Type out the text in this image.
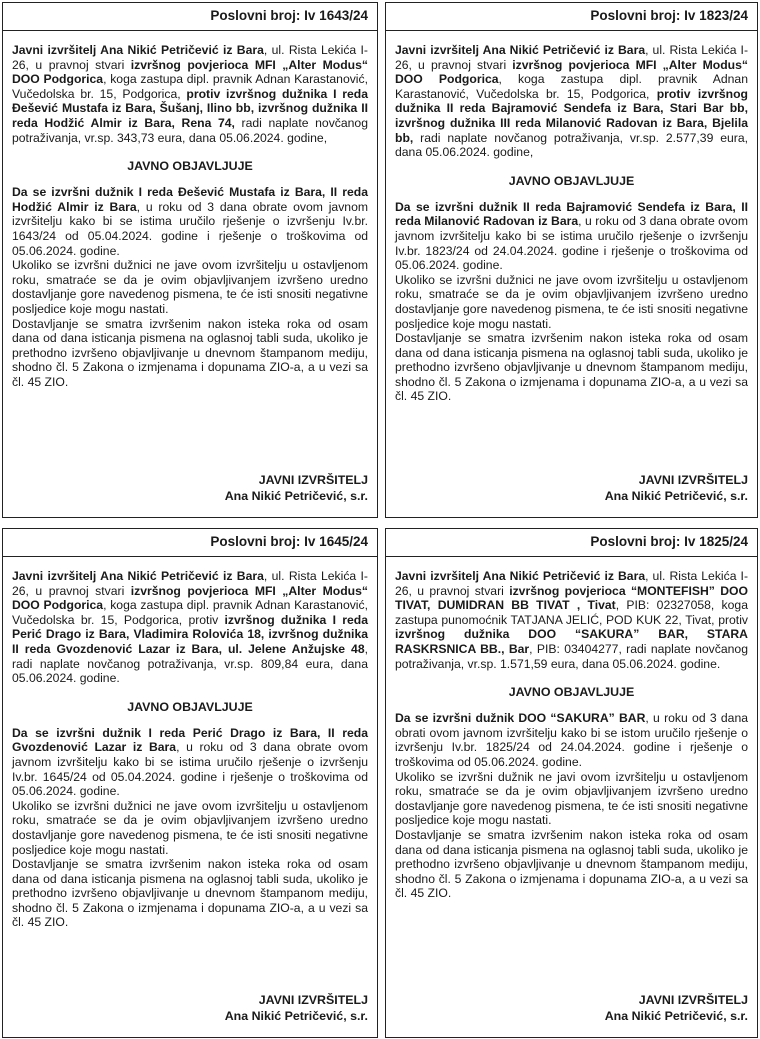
Poslovni broj: Iv 1643/24

Javni izvršitelj Ana Nikić Petričević iz Bara, ul. Rista Lekića I-26, u pravnoj stvari izvršnog povjerioca MFI „Alter Modus“ DOO Podgorica, koga zastupa dipl. pravnik Adnan Karastanović, Vučedolska br. 15, Podgorica, protiv izvršnog dužnika I reda Đešević Mustafa iz Bara, Šušanj, Ilino bb, izvršnog dužnika II reda Hodžić Almir iz Bara, Rena 74, radi naplate novčanog potraživanja, vr.sp. 343,73 eura, dana 05.06.2024. godine,

JAVNO OBJAVLJUJE

Da se izvršni dužnik I reda Đešević Mustafa iz Bara, II reda Hodžić Almir iz Bara, u roku od 3 dana obrate ovom javnom izvršitelju kako bi se istima uručilo rješenje o izvršenju Iv.br. 1643/24 od 05.04.2024. godine i rješenje o troškovima od 05.06.2024. godine.

Ukoliko se izvršni dužnici ne jave ovom izvršitelju u ostavljenom roku, smatraće se da je ovim objavljivanjem izvršeno uredno dostavljanje gore navedenog pismena, te će isti snositi negativne posljedice koje mogu nastati.

Dostavljanje se smatra izvršenim nakon isteka roka od osam dana od dana isticanja pismena na oglasnoj tabli suda, ukoliko je prethodno izvršeno objavljivanje u dnevnom štampanom mediju, shodno čl. 5 Zakona o izmjenama i dopunama ZIO-a, a u vezi sa čl. 45 ZIO.

JAVNI IZVRŠITELJ
Ana Nikić Petričević, s.r.
Poslovni broj: Iv 1823/24

Javni izvršitelj Ana Nikić Petričević iz Bara, ul. Rista Lekića I-26, u pravnoj stvari izvršnog povjerioca MFI „Alter Modus“ DOO Podgorica, koga zastupa dipl. pravnik Adnan Karastanović, Vučedolska br. 15, Podgorica, protiv izvršnog dužnika II reda Bajramović Sendefa iz Bara, Stari Bar bb, izvršnog dužnika III reda Milanović Radovan iz Bara, Bjelila bb, radi naplate novčanog potraživanja, vr.sp. 2.577,39 eura, dana 05.06.2024. godine,

JAVNO OBJAVLJUJE

Da se izvršni dužnik II reda Bajramović Sendefa iz Bara, II reda Milanović Radovan iz Bara, u roku od 3 dana obrate ovom javnom izvršitelju kako bi se istima uručilo rješenje o izvršenju Iv.br. 1823/24 od 24.04.2024. godine i rješenje o troškovima od 05.06.2024. godine.

Ukoliko se izvršni dužnici ne jave ovom izvršitelju u ostavljenom roku, smatraće se da je ovim objavljivanjem izvršeno uredno dostavljanje gore navedenog pismena, te će isti snositi negativne posljedice koje mogu nastati.

Dostavljanje se smatra izvršenim nakon isteka roka od osam dana od dana isticanja pismena na oglasnoj tabli suda, ukoliko je prethodno izvršeno objavljivanje u dnevnom štampanom mediju, shodno čl. 5 Zakona o izmjenama i dopunama ZIO-a, a u vezi sa čl. 45 ZIO.

JAVNI IZVRŠITELJ
Ana Nikić Petričević, s.r.
Poslovni broj: Iv 1645/24

Javni izvršitelj Ana Nikić Petričević iz Bara, ul. Rista Lekića I-26, u pravnoj stvari izvršnog povjerioca MFI „Alter Modus“ DOO Podgorica, koga zastupa dipl. pravnik Adnan Karastanović, Vučedolska br. 15, Podgorica, protiv izvršnog dužnika I reda Perić Drago iz Bara, Vladimira Rolovića 18, izvršnog dužnika II reda Gvozdenović Lazar iz Bara, ul. Jelene Anžujske 48, radi naplate novčanog potraživanja, vr.sp. 809,84 eura, dana 05.06.2024. godine.

JAVNO OBJAVLJUJE

Da se izvršni dužnik I reda Perić Drago iz Bara, II reda Gvozdenović Lazar iz Bara, u roku od 3 dana obrate ovom javnom izvršitelju kako bi se istima uručilo rješenje o izvršenju Iv.br. 1645/24 od 05.04.2024. godine i rješenje o troškovima od 05.06.2024. godine.

Ukoliko se izvršni dužnici ne jave ovom izvršitelju u ostavljenom roku, smatraće se da je ovim objavljivanjem izvršeno uredno dostavljanje gore navedenog pismena, te će isti snositi negativne posljedice koje mogu nastati.

Dostavljanje se smatra izvršenim nakon isteka roka od osam dana od dana isticanja pismena na oglasnoj tabli suda, ukoliko je prethodno izvršeno objavljivanje u dnevnom štampanom mediju, shodno čl. 5 Zakona o izmjenama i dopunama ZIO-a, a u vezi sa čl. 45 ZIO.

JAVNI IZVRŠITELJ
Ana Nikić Petričević, s.r.
Poslovni broj: Iv 1825/24

Javni izvršitelj Ana Nikić Petričević iz Bara, ul. Rista Lekića I-26, u pravnoj stvari izvršnog povjerioca “MONTEFISH” DOO TIVAT, DUMIDRAN BB TIVAT , Tivat, PIB: 02327058, koga zastupa punomoćnik TATJANA JELIĆ, POD KUK 22, Tivat, protiv izvršnog dužnika DOO “SAKURA” BAR, STARA RASKRSNICA BB., Bar, PIB: 03404277, radi naplate novčanog potraživanja, vr.sp. 1.571,59 eura, dana 05.06.2024. godine.

JAVNO OBJAVLJUJE

Da se izvršni dužnik DOO “SAKURA” BAR, u roku od 3 dana obrati ovom javnom izvršitelju kako bi se istom uručilo rješenje o izvršenju Iv.br. 1825/24 od 24.04.2024. godine i rješenje o troškovima od 05.06.2024. godine.

Ukoliko se izvršni dužnik ne javi ovom izvršitelju u ostavljenom roku, smatraće se da je ovim objavljivanjem izvršeno uredno dostavljanje gore navedenog pismena, te će isti snositi negativne posljedice koje mogu nastati.

Dostavljanje se smatra izvršenim nakon isteka roka od osam dana od dana isticanja pismena na oglasnoj tabli suda, ukoliko je prethodno izvršeno objavljivanje u dnevnom štampanom mediju, shodno čl. 5 Zakona o izmjenama i dopunama ZIO-a, a u vezi sa čl. 45 ZIO.

JAVNI IZVRŠITELJ
Ana Nikić Petričević, s.r.
